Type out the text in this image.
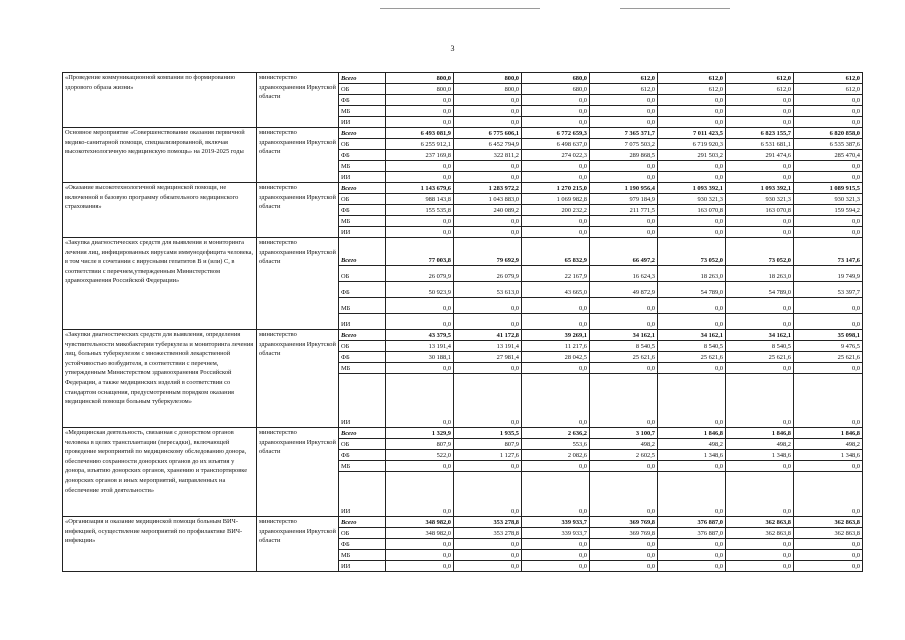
3
«Проведение коммуникационной компании по формированию здорового образа жизни»	министерство здравоохранения Иркутской области	Всего	800,0	800,0	680,0	612,0	612,0	612,0	612,0
		ОБ	800,0	800,0	680,0	612,0	612,0	612,0	612,0
		ФБ	0,0	0,0	0,0	0,0	0,0	0,0	0,0
		МБ	0,0	0,0	0,0	0,0	0,0	0,0	0,0
		ИИ	0,0	0,0	0,0	0,0	0,0	0,0	0,0
Основное мероприятие «Совершенствование оказания первичной медико-санитарной помощи, специализированной, включая высокотехнологичную медицинскую помощь» на 2019-2025 годы	министерство здравоохранения Иркутской области	Всего	6 493 081,9	6 775 606,1	6 772 659,3	7 365 371,7	7 011 423,5	6 823 155,7	6 820 858,0
		ОБ	6 255 912,1	6 452 794,9	6 498 637,0	7 075 503,2	6 719 920,3	6 531 681,1	6 535 387,6
		ФБ	237 169,8	322 811,2	274 022,3	289 868,5	291 503,2	291 474,6	285 470,4
		МБ	0,0	0,0	0,0	0,0	0,0	0,0	0,0
		ИИ	0,0	0,0	0,0	0,0	0,0	0,0	0,0
«Оказание высокотехнологичной медицинской помощи, не включенной в базовую программу обязательного медицинского страхования»	министерство здравоохранения Иркутской области	Всего	1 143 679,6	1 283 972,2	1 270 215,0	1 190 956,4	1 093 392,1	1 093 392,1	1 089 915,5
		ОБ	988 143,8	1 043 883,0	1 069 982,8	979 184,9	930 321,3	930 321,3	930 321,3
		ФБ	155 535,8	240 089,2	200 232,2	211 771,5	163 070,8	163 070,8	159 594,2
		МБ	0,0	0,0	0,0	0,0	0,0	0,0	0,0
		ИИ	0,0	0,0	0,0	0,0	0,0	0,0	0,0
«Закупка диагностических средств для выявления и мониторинга лечения лиц, инфицированных вирусами иммунодефицита человека, в том числе в сочетании с вирусными гепатитов В и (или) С, в соответствии с перечнем,утвержденным Министерством здравоохранения Российской Федерации»	министерство здравоохранения Иркутской области	Всего	77 003,8	79 692,9	65 832,9	66 497,2	73 052,0	73 052,0	73 147,6
		ОБ	26 079,9	26 079,9	22 167,9	16 624,3	18 263,0	18 263,0	19 749,9
		ФБ	50 923,9	53 613,0	43 665,0	49 872,9	54 789,0	54 789,0	53 397,7
		МБ	0,0	0,0	0,0	0,0	0,0	0,0	0,0
		ИИ	0,0	0,0	0,0	0,0	0,0	0,0	0,0
«Закупки диагностических средств для выявления, определения чувствительности микобактерии туберкулеза и мониторинга лечения лиц, больных туберкулезом с множественной лекарственной устойчивостью возбудителя, в соответствии с перечнем, утвержденным Министерством здравоохранения Российской Федерации, а также медицинских изделий в соответствии со стандартом оснащения, предусмотренным порядком оказания медицинской помощи больным туберкулезом»	министерство здравоохранения Иркутской области	Всего	43 379,5	41 172,8	39 269,1	34 162,1	34 162,1	34 162,1	35 098,1
		ОБ	13 191,4	13 191,4	11 217,6	8 540,5	8 540,5	8 540,5	9 476,5
		ФБ	30 188,1	27 981,4	28 042,5	25 621,6	25 621,6	25 621,6	25 621,6
		МБ	0,0	0,0	0,0	0,0	0,0	0,0	0,0
		ИИ	0,0	0,0	0,0	0,0	0,0	0,0	0,0
«Медицинская деятельность, связанная с донорством органов человека в целях трансплантации (пересадки), включающей проведение мероприятий по медицинскому обследованию донора, обеспечению сохранности донорских органов до их изъятия у донора, изъятию донорских органов, хранению и транспортировке донорских органов и иных мероприятий, направленных на обеспечение этой деятельности»	министерство здравоохранения Иркутской области	Всего	1 329,9	1 935,5	2 636,2	3 100,7	1 846,8	1 846,8	1 846,8
		ОБ	807,9	807,9	553,6	498,2	498,2	498,2	498,2
		ФБ	522,0	1 127,6	2 082,6	2 602,5	1 348,6	1 348,6	1 348,6
		МБ	0,0	0,0	0,0	0,0	0,0	0,0	0,0
		ИИ	0,0	0,0	0,0	0,0	0,0	0,0	0,0
«Организация и оказание медицинской помощи больным ВИЧ-инфекцией, осуществление мероприятий по профилактике ВИЧ-инфекции»	министерство здравоохранения Иркутской области	Всего	348 982,0	353 278,8	339 933,7	369 769,8	376 887,0	362 863,8	362 863,8
		ОБ	348 982,0	353 278,8	339 933,7	369 769,8	376 887,0	362 863,8	362 863,8
		ФБ	0,0	0,0	0,0	0,0	0,0	0,0	0,0
		МБ	0,0	0,0	0,0	0,0	0,0	0,0	0,0
		ИИ	0,0	0,0	0,0	0,0	0,0	0,0	0,0
